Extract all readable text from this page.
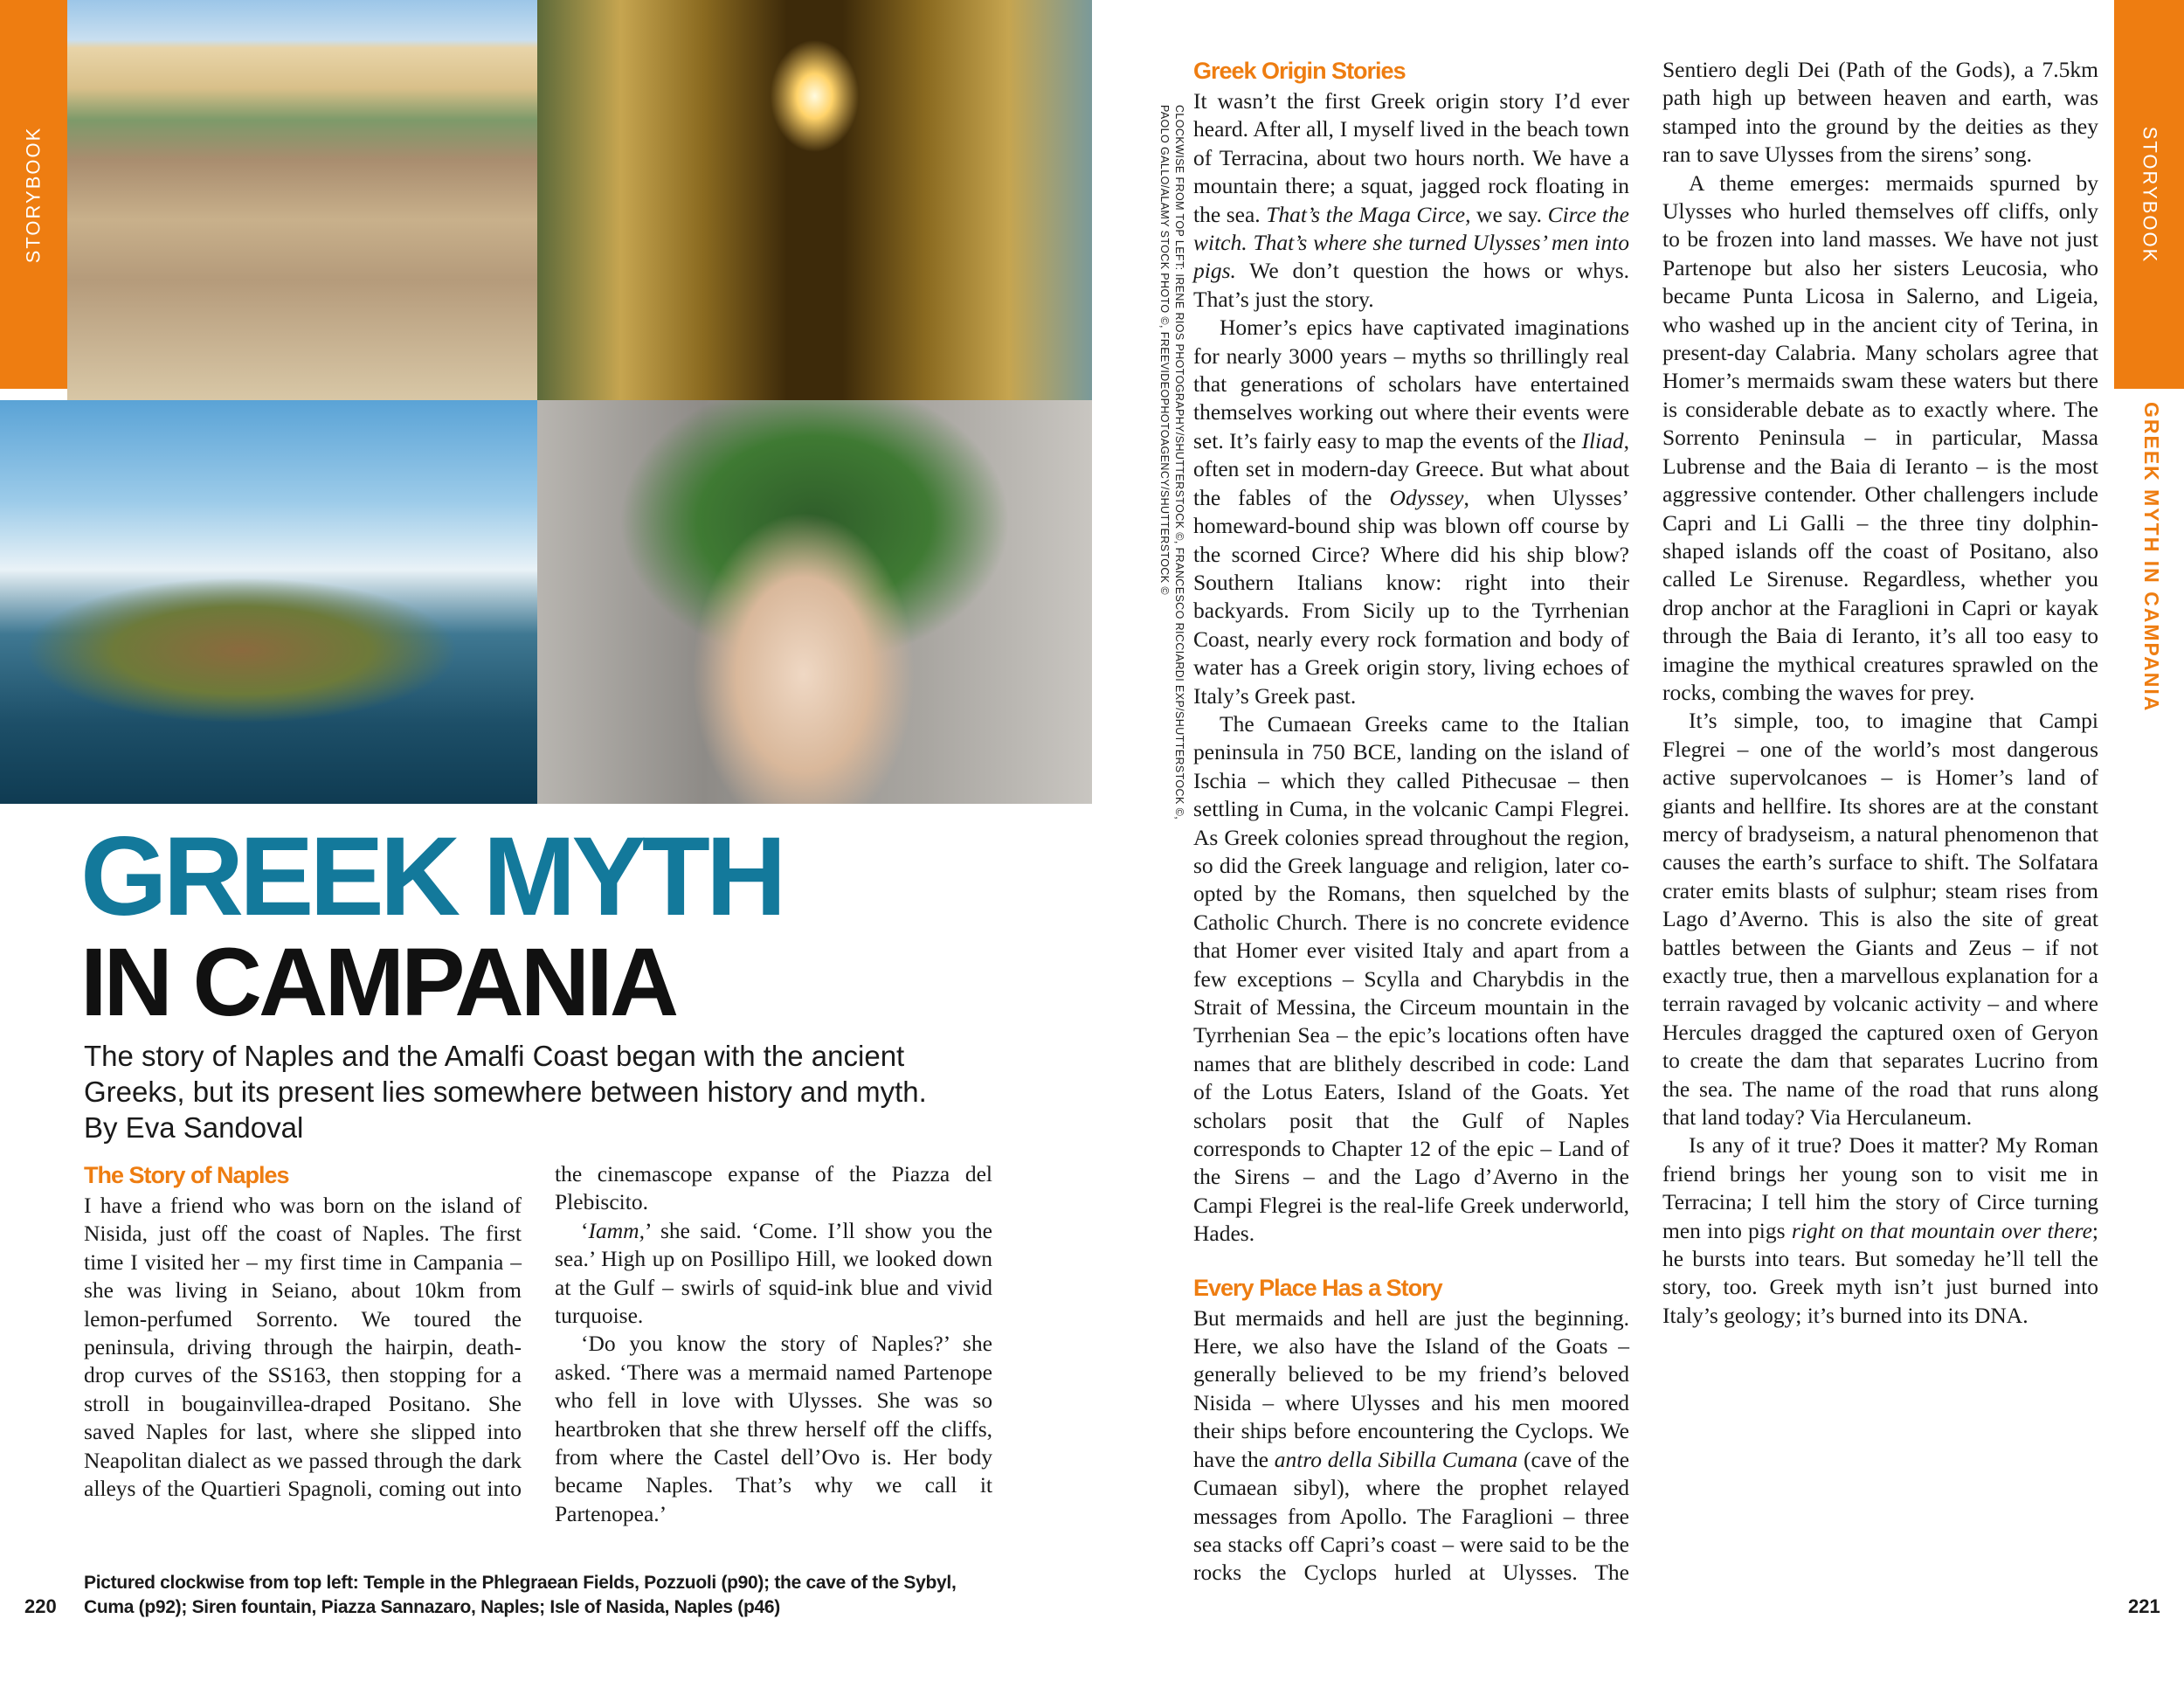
STORYBOOK
GREEK MYTH
IN CAMPANIA
The story of Naples and the Amalfi Coast began with the ancient Greeks, but its present lies somewhere between history and myth.
By Eva Sandoval
The Story of Naples

I have a friend who was born on the island of Nisida, just off the coast of Naples. The first time I visited her – my first time in Campania – she was living in Seiano, about 10km from lemon-perfumed Sorrento. We toured the peninsula, driving through the hairpin, death-drop curves of the SS163, then stopping for a stroll in bougainvillea-draped Positano. She saved Naples for last, where she slipped into Neapolitan dialect as we passed through the dark alleys of the Quartieri Spagnoli, coming out into the cinemascope expanse of the Piazza del Plebiscito.

‘Iamm,’ she said. ‘Come. I’ll show you the sea.’ High up on Posillipo Hill, we looked down at the Gulf – swirls of squid-ink blue and vivid turquoise.

‘Do you know the story of Naples?’ she asked. ‘There was a mermaid named Partenope who fell in love with Ulysses. She was so heartbroken that she threw herself off the cliffs, from where the Castel dell’Ovo is. Her body became Naples. That’s why we call it Partenopea.’

Pictured clockwise from top left: Temple in the Phlegraean Fields, Pozzuoli (p90); the cave of the Sybyl, Cuma (p92); Siren fountain, Piazza Sannazaro, Naples; Isle of Nasida, Naples (p46)
220	221
CLOCKWISE FROM TOP LEFT: IRENE RIOS PHOTOGRAPHY/SHUTTERSTOCK ©, FRANCESCO RICCIARDI EXP/SHUTTERSTOCK ©,
PAOLO GALLO/ALAMY STOCK PHOTO ©, FREEVIDEOPHOTOAGENCY/SHUTTERSTOCK ©
Greek Origin Stories

It wasn’t the first Greek origin story I’d ever heard. After all, I myself lived in the beach town of Terracina, about two hours north. We have a mountain there; a squat, jagged rock floating in the sea. That’s the Maga Circe, we say. Circe the witch. That’s where she turned Ulysses’ men into pigs. We don’t question the hows or whys. That’s just the story.

Homer’s epics have captivated imaginations for nearly 3000 years – myths so thrillingly real that generations of scholars have entertained themselves working out where their events were set. It’s fairly easy to map the events of the Iliad, often set in modern-day Greece. But what about the fables of the Odyssey, when Ulysses’ homeward-bound ship was blown off course by the scorned Circe? Where did his ship blow? Southern Italians know: right into their backyards. From Sicily up to the Tyrrhenian Coast, nearly every rock formation and body of water has a Greek origin story, living echoes of Italy’s Greek past.

The Cumaean Greeks came to the Italian peninsula in 750 BCE, landing on the island of Ischia – which they called Pithecusae – then settling in Cuma, in the volcanic Campi Flegrei. As Greek colonies spread throughout the region, so did the Greek language and religion, later co-opted by the Romans, then squelched by the Catholic Church. There is no concrete evidence that Homer ever visited Italy and apart from a few exceptions – Scylla and Charybdis in the Strait of Messina, the Circeum mountain in the Tyrrhenian Sea – the epic’s locations often have names that are blithely described in code: Land of the Lotus Eaters, Island of the Goats. Yet scholars posit that the Gulf of Naples corresponds to Chapter 12 of the epic – Land of the Sirens – and the Lago d’Averno in the Campi Flegrei is the real-life Greek underworld, Hades.

Every Place Has a Story

But mermaids and hell are just the beginning. Here, we also have the Island of the Goats – generally believed to be my friend’s beloved Nisida – where Ulysses and his men moored their ships before encountering the Cyclops. We have the antro della Sibilla Cumana (cave of the Cumaean sibyl), where the prophet relayed messages from Apollo. The Faraglioni – three sea stacks off Capri’s coast – were said to be the rocks the Cyclops hurled at Ulysses. The Sentiero degli Dei (Path of the Gods), a 7.5km path high up between heaven and earth, was stamped into the ground by the deities as they ran to save Ulysses from the sirens’ song.

A theme emerges: mermaids spurned by Ulysses who hurled themselves off cliffs, only to be frozen into land masses. We have not just Partenope but also her sisters Leucosia, who became Punta Licosa in Salerno, and Ligeia, who washed up in the ancient city of Terina, in present-day Calabria. Many scholars agree that Homer’s mermaids swam these waters but there is considerable debate as to exactly where. The Sorrento Peninsula – in particular, Massa Lubrense and the Baia di Ieranto – is the most aggressive contender. Other challengers include Capri and Li Galli – the three tiny dolphin-shaped islands off the coast of Positano, also called Le Sirenuse. Regardless, whether you drop anchor at the Faraglioni in Capri or kayak through the Baia di Ieranto, it’s all too easy to imagine the mythical creatures sprawled on the rocks, combing the waves for prey.

It’s simple, too, to imagine that Campi Flegrei – one of the world’s most dangerous active supervolcanoes – is Homer’s land of giants and hellfire. Its shores are at the constant mercy of bradyseism, a natural phenomenon that causes the earth’s surface to shift. The Solfatara crater emits blasts of sulphur; steam rises from Lago d’Averno. This is also the site of great battles between the Giants and Zeus – if not exactly true, then a marvellous explanation for a terrain ravaged by volcanic activity – and where Hercules dragged the captured oxen of Geryon to create the dam that separates Lucrino from the sea. The name of the road that runs along that land today? Via Herculaneum.

Is any of it true? Does it matter? My Roman friend brings her young son to visit me in Terracina; I tell him the story of Circe turning men into pigs right on that mountain over there; he bursts into tears. But someday he’ll tell the story, too. Greek myth isn’t just burned into Italy’s geology; it’s burned into its DNA.

STORYBOOK
GREEK MYTH IN CAMPANIA
